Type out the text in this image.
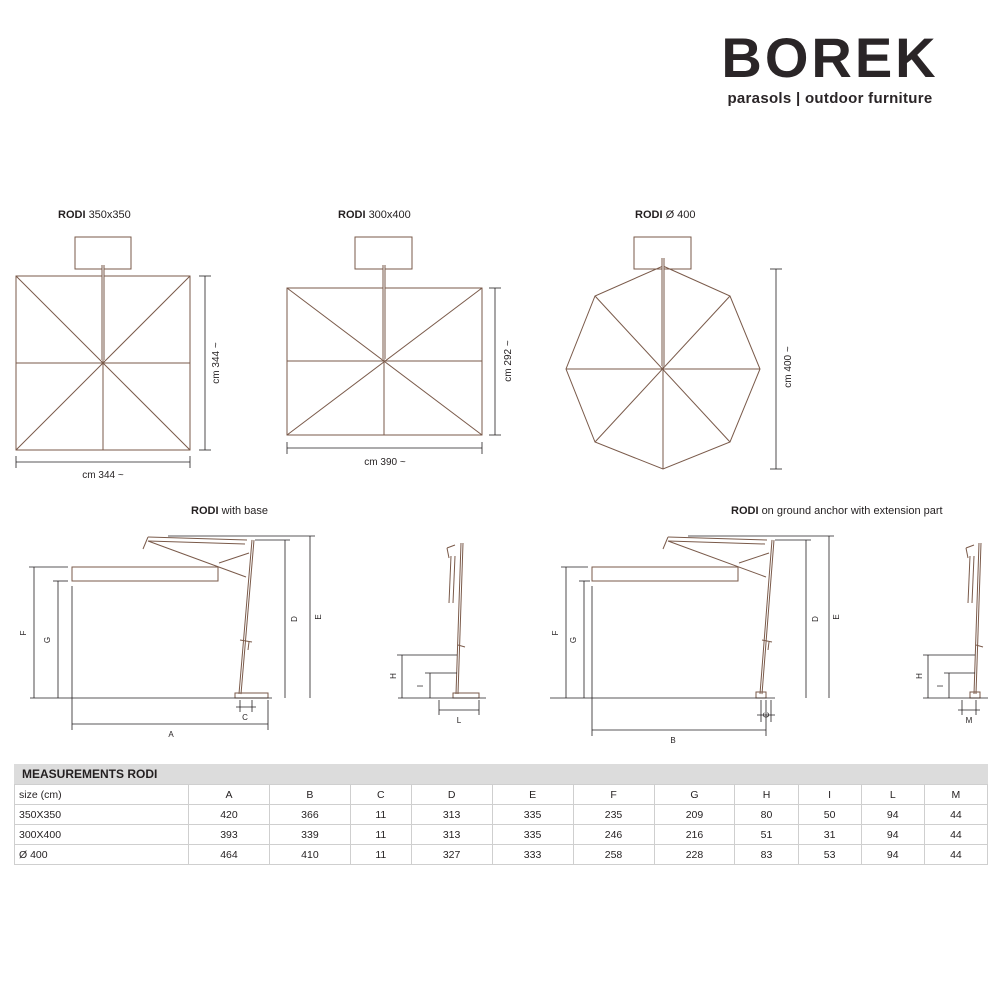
BOREK
parasols | outdoor furniture
RODI 350x350	RODI 300x400	RODI Ø 400
RODI with base	RODI on ground anchor with extension part
cm 344 ~
cm 344 ~
cm 390 ~
cm 292 ~	cm 400 ~
F
G
D E
A
C
H
I
L
F
G
D E
B
C
H
I
M
MEASUREMENTS RODI
size (cm)	A	B	C	D	E	F	G	H	I	L	M
350X350	420	366	11	313	335	235	209	80	50	94	44
300X400	393	339	11	313	335	246	216	51	31	94	44
Ø 400	464	410	11	327	333	258	228	83	53	94	44
